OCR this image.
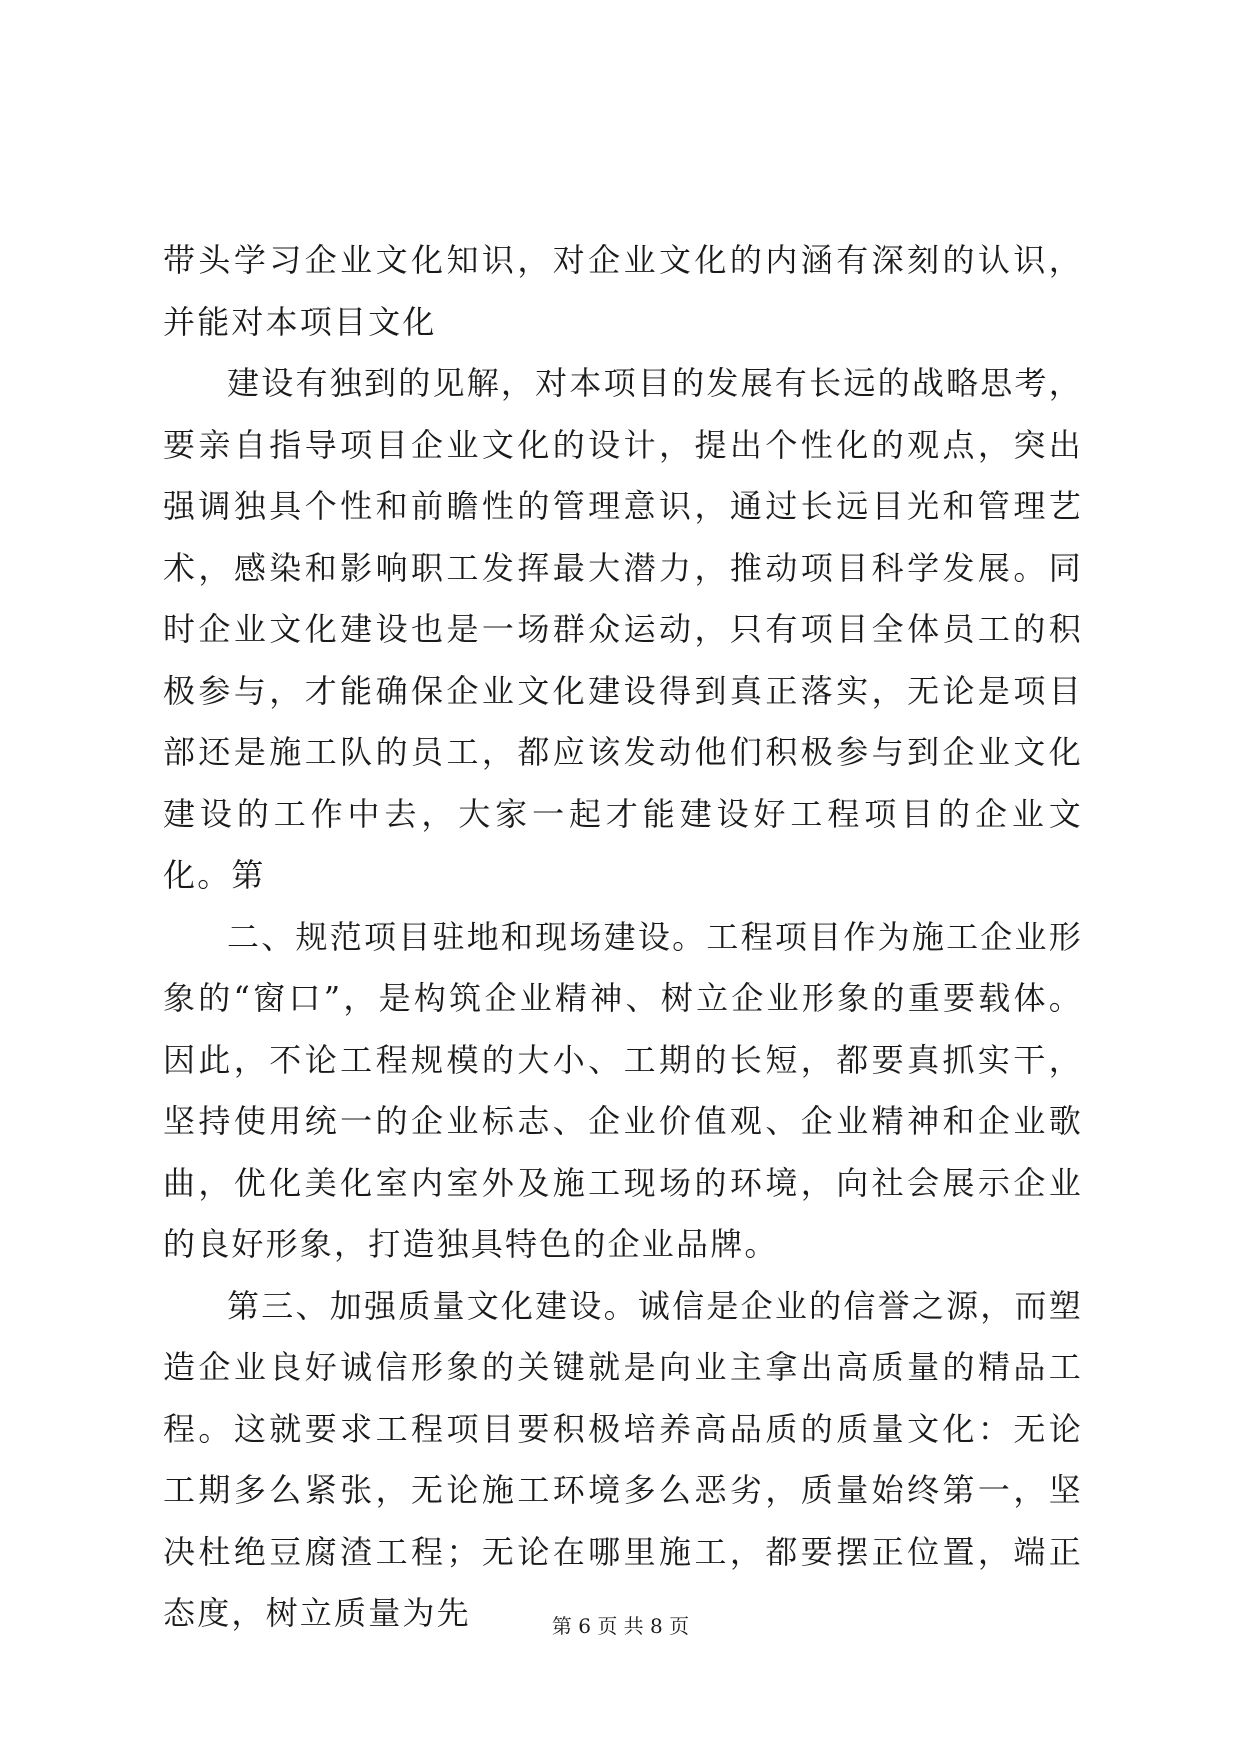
带头学习企业文化知识，对企业文化的内涵有深刻的认识，并能对本项目文化

建设有独到的见解，对本项目的发展有长远的战略思考，要亲自指导项目企业文化的设计，提出个性化的观点，突出强调独具个性和前瞻性的管理意识，通过长远目光和管理艺术，感染和影响职工发挥最大潜力，推动项目科学发展。同时企业文化建设也是一场群众运动，只有项目全体员工的积极参与，才能确保企业文化建设得到真正落实，无论是项目部还是施工队的员工，都应该发动他们积极参与到企业文化建设的工作中去，大家一起才能建设好工程项目的企业文化。第

二、规范项目驻地和现场建设。工程项目作为施工企业形象的“窗口”，是构筑企业精神、树立企业形象的重要载体。因此，不论工程规模的大小、工期的长短，都要真抓实干，坚持使用统一的企业标志、企业价值观、企业精神和企业歌曲，优化美化室内室外及施工现场的环境，向社会展示企业的良好形象，打造独具特色的企业品牌。

第三、加强质量文化建设。诚信是企业的信誉之源，而塑造企业良好诚信形象的关键就是向业主拿出高质量的精品工程。这就要求工程项目要积极培养高品质的质量文化：无论工期多么紧张，无论施工环境多么恶劣，质量始终第一，坚决杜绝豆腐渣工程；无论在哪里施工，都要摆正位置，端正态度，树立质量为先	第 6 页 共 8 页
